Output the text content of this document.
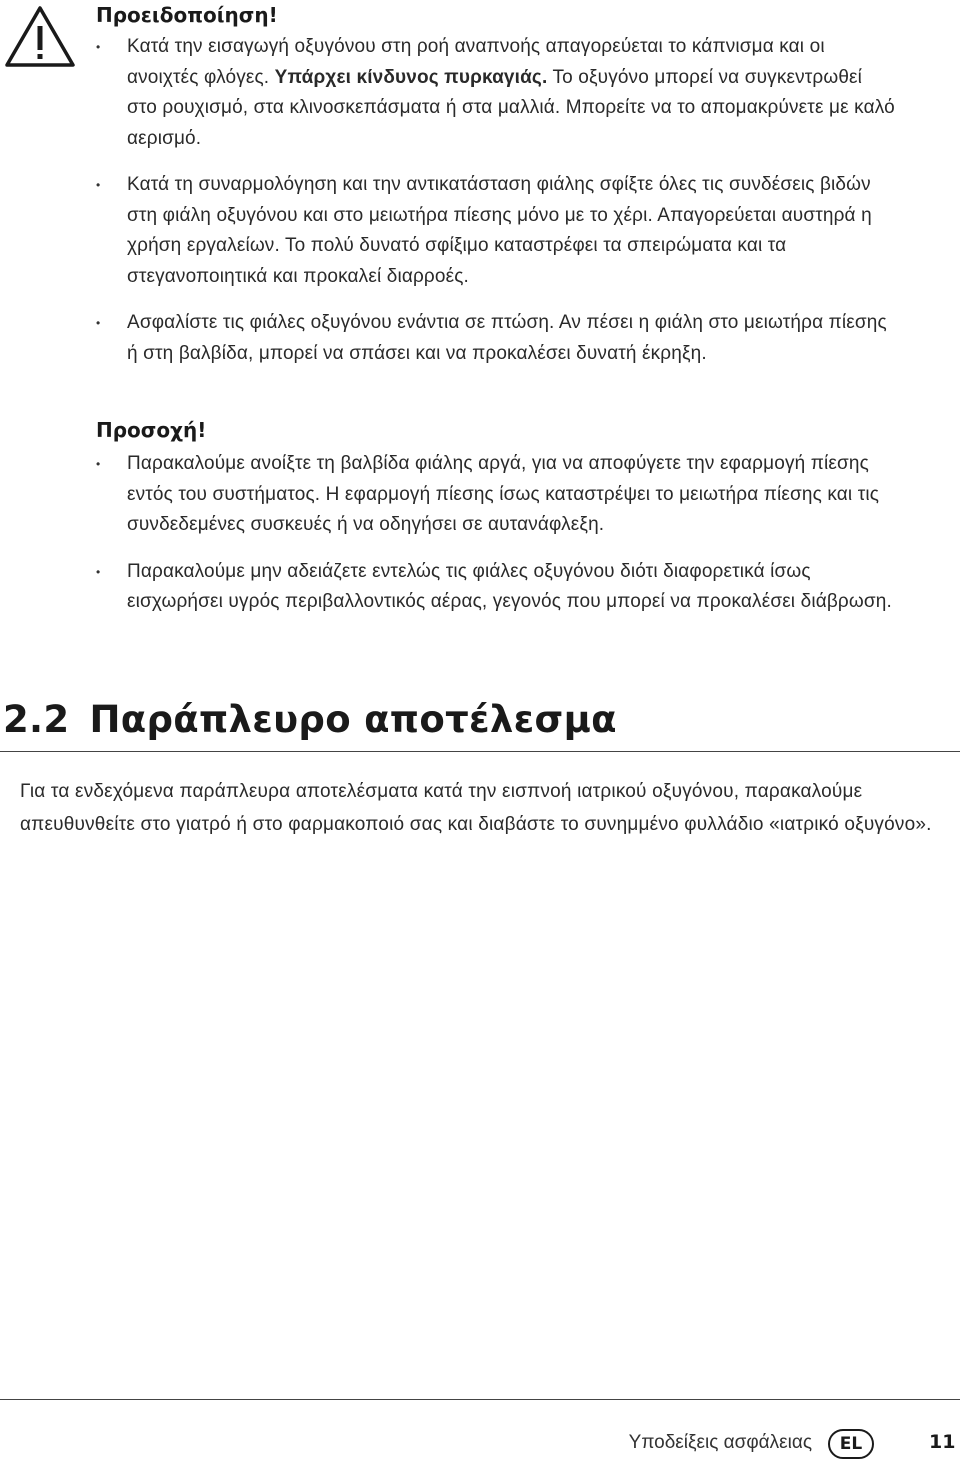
Προειδοποίηση!
• Κατά την εισαγωγή οξυγόνου στη ροή αναπνοής απαγορεύεται το κάπνισμα και οι ανοιχτές φλόγες. Υπάρχει κίνδυνος πυρκαγιάς. Το οξυγόνο μπορεί να συγκεντρωθεί στο ρουχισμό, στα κλινοσκεπάσματα ή στα μαλλιά. Μπορείτε να το απομακρύνετε με καλό αερισμό.
• Κατά τη συναρμολόγηση και την αντικατάσταση φιάλης σφίξτε όλες τις συνδέσεις βιδών στη φιάλη οξυγόνου και στο μειωτήρα πίεσης μόνο με το χέρι. Απαγορεύεται αυστηρά η χρήση εργαλείων. Το πολύ δυνατό σφίξιμο καταστρέφει τα σπειρώματα και τα στεγανοποιητικά και προκαλεί διαρροές.
• Ασφαλίστε τις φιάλες οξυγόνου ενάντια σε πτώση. Αν πέσει η φιάλη στο μειωτήρα πίεσης ή στη βαλβίδα, μπορεί να σπάσει και να προκαλέσει δυνατή έκρηξη.
Προσοχή!
• Παρακαλούμε ανοίξτε τη βαλβίδα φιάλης αργά, για να αποφύγετε την εφαρμογή πίεσης εντός του συστήματος. Η εφαρμογή πίεσης ίσως καταστρέψει το μειωτήρα πίεσης και τις συνδεδεμένες συσκευές ή να οδηγήσει σε αυτανάφλεξη.
• Παρακαλούμε μην αδειάζετε εντελώς τις φιάλες οξυγόνου διότι διαφορετικά ίσως εισχωρήσει υγρός περιβαλλοντικός αέρας, γεγονός που μπορεί να προκαλέσει διάβρωση.
2.2 Παράπλευρο αποτέλεσμα

Για τα ενδεχόμενα παράπλευρα αποτελέσματα κατά την εισπνοή ιατρικού οξυγόνου, παρακαλούμε απευθυνθείτε στο γιατρό ή στο φαρμακοποιό σας και διαβάστε το συνημμένο φυλλάδιο «ιατρικό οξυγόνο».

Υποδείξεις ασφάλειας	EL	11
